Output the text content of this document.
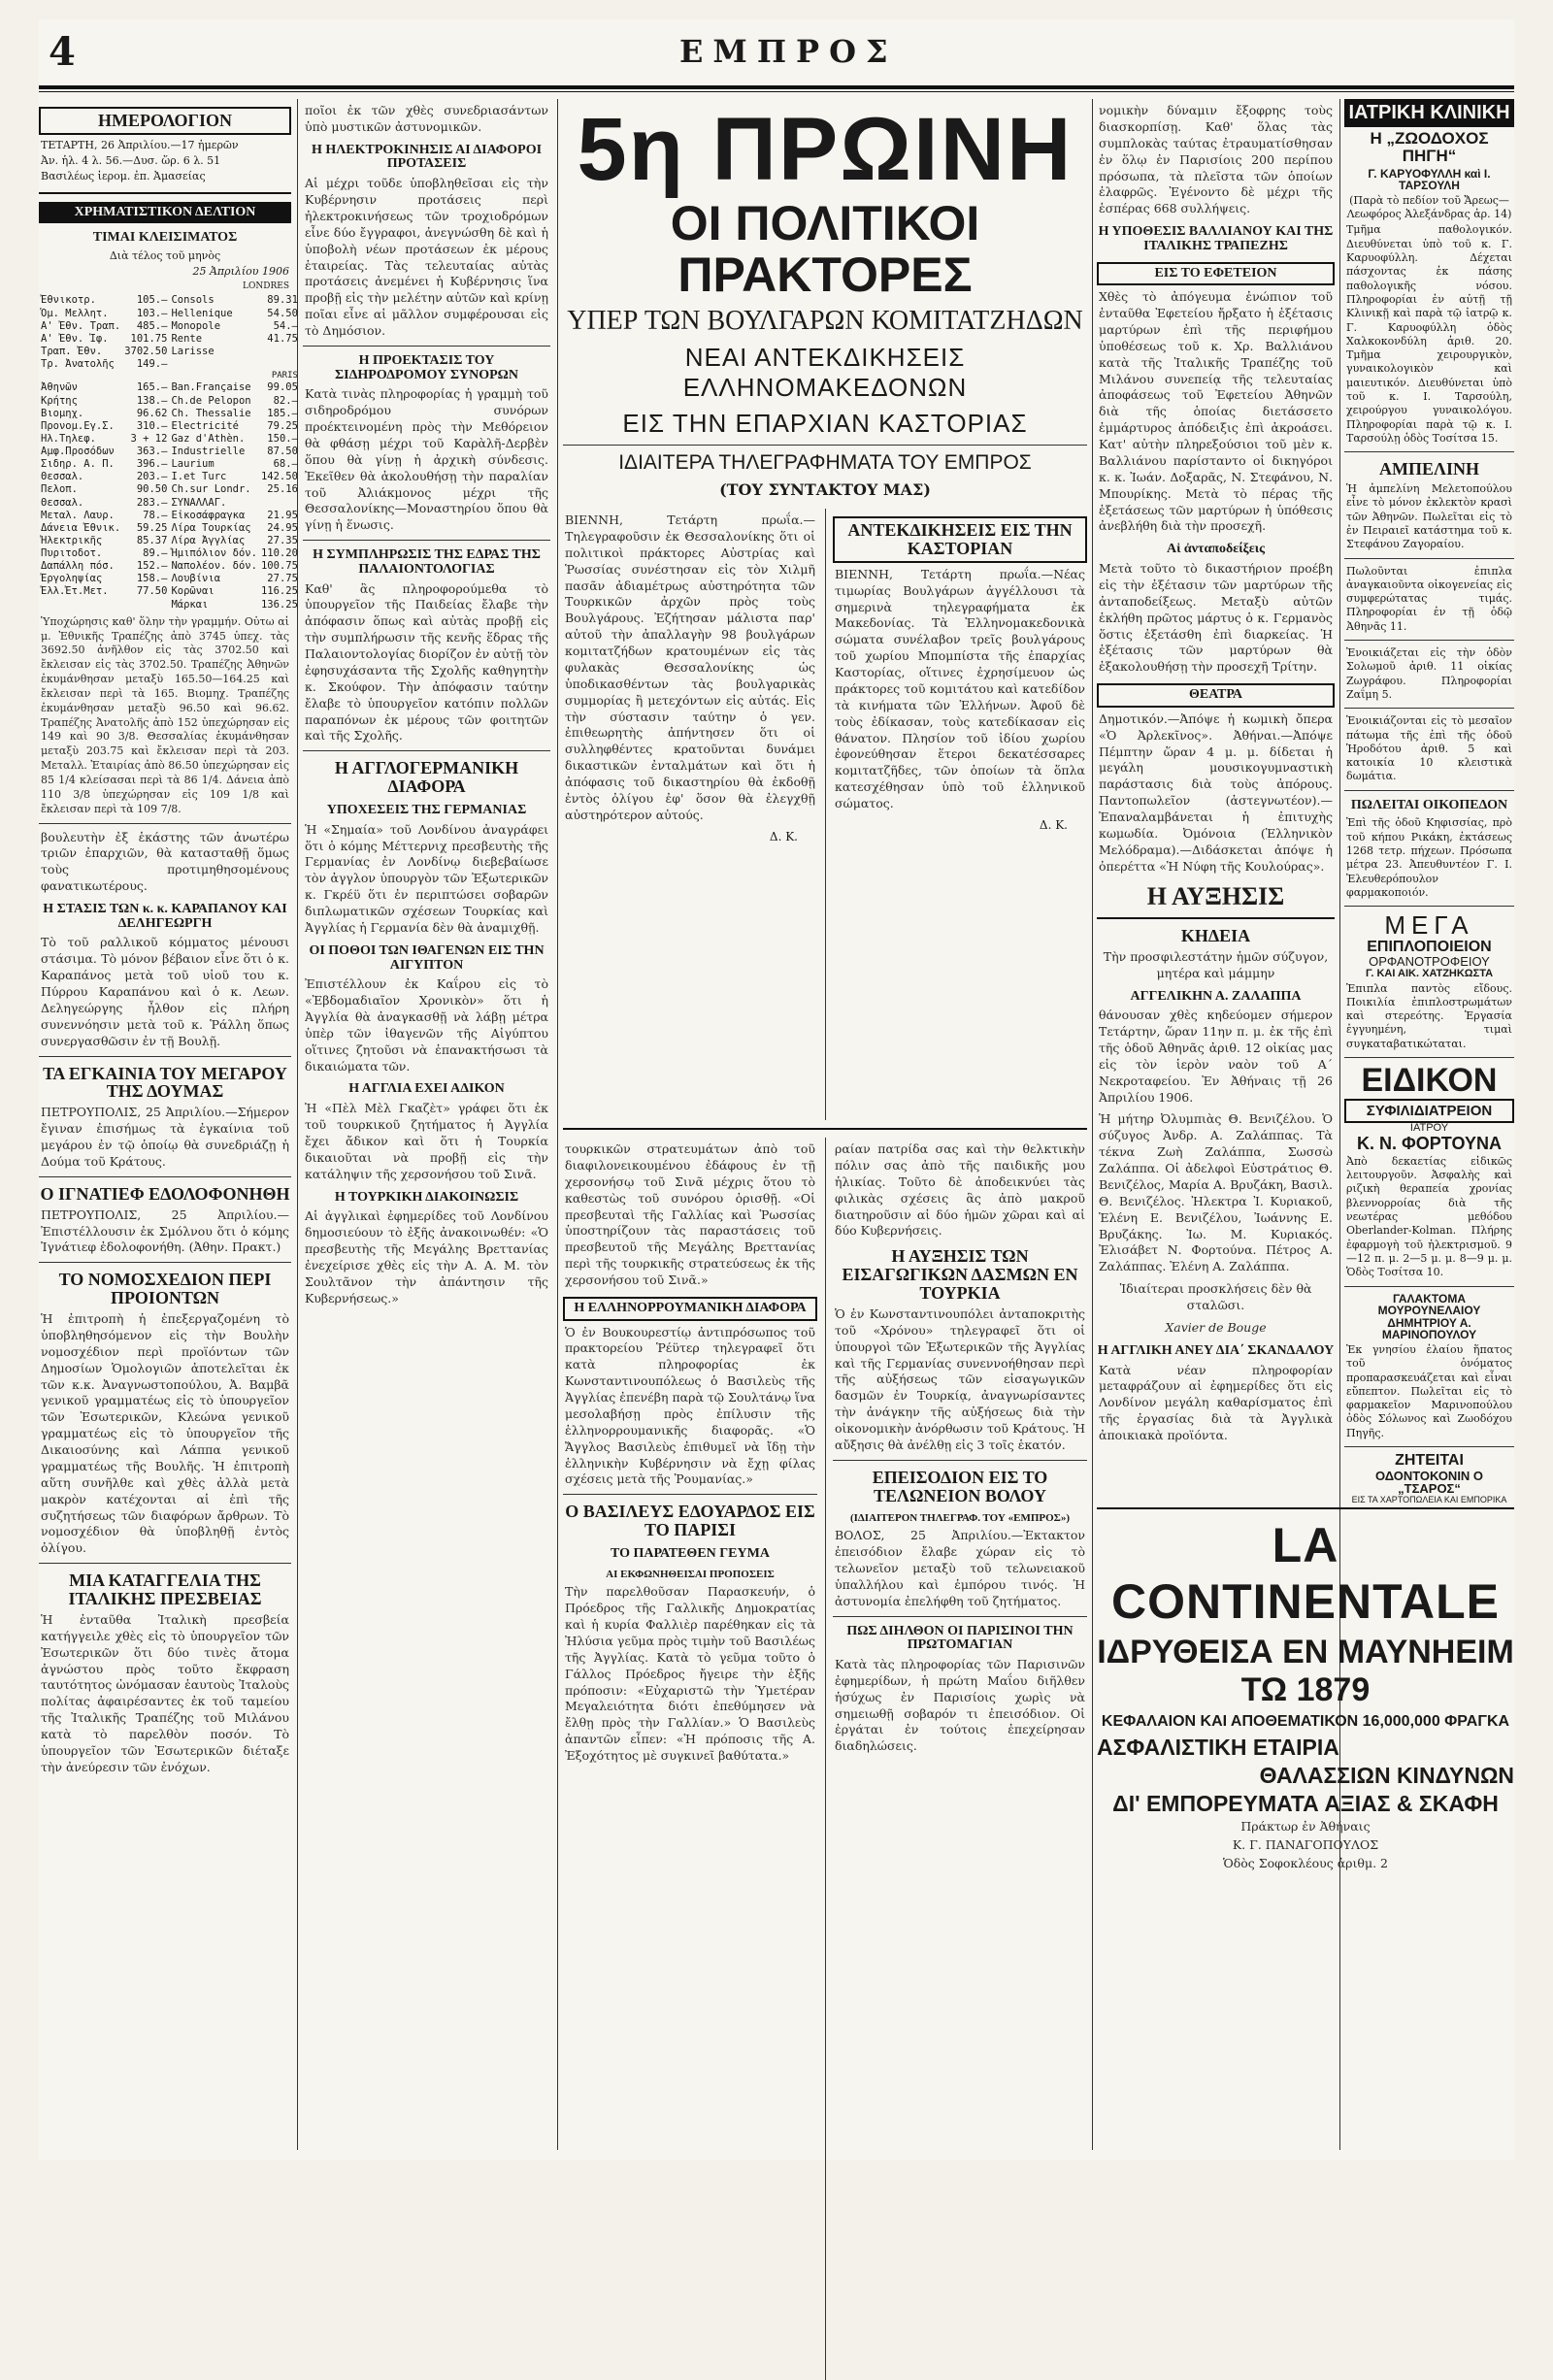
4	ΕΜΠΡΟΣ
ΗΜΕΡΟΛΟΓΙΟΝ
ΤΕΤΑΡΤΗ, 26 Ἀπριλίου.—17 ἡμερῶν
Ἀν. ἡλ. 4 λ. 56.—Δυσ. ὥρ. 6 λ. 51
Βασιλέως ἱερομ. ἐπ. Ἀμασείας
ΧΡΗΜΑΤΙΣΤΙΚΟΝ ΔΕΛΤΙΟΝ
ΤΙΜΑΙ ΚΛΕΙΣΙΜΑΤΟΣ
Διὰ τέλος τοῦ μηνὸς
25 Ἀπριλίου 1906
LONDRES
Ἐθνικοτρ.	105.—	Consols	89.31
Ὁμ. Μελλητ.	103.—	Hellenique	54.50
Α' Ἐθν. Τραπ.	485.—	Monopole	54.—
Α' Ἐθν. Ἰφ.	101.75	Rente	41.75
Τραπ. Ἐθν.	3702.50	Larisse	
Τρ. Ἀνατολῆς	149.—		
PARIS			
Ἀθηνῶν	165.—	Ban.Française	99.05
Κρήτης	138.—	Ch.de Pelopon	82.—
Βιομηχ.	96.62	Ch. Thessalie	185.—
Προνομ.Εγ.Σ.	310.—	Electricité	79.25
Ηλ.Τηλεφ.	3 + 12	Gaz d'Athèn.	150.—
Αμφ.Προσόδων	363.—	Industrielle	87.50
Σιδηρ. Α. Π.	396.—	Laurium	68.—
Θεσσαλ.	203.—	I.et Turc	142.50
Πελοπ.	90.50	Ch.sur Londr.	25.16
Θεσσαλ.	283.—	ΣΥΝΑΛΛΑΓ.	
Μεταλ. Λαυρ.	78.—	Εἰκοσάφραγκα	21.95
Δάνεια Ἐθνικ.	59.25	Λίρα Τουρκίας	24.95
Ἠλεκτρικῆς	85.37	Λίρα Ἀγγλίας	27.35
Πυριτοδοτ.	89.—	Ἡμιπόλιον δόν.	110.20
Δαπάλλη πόσ.	152.—	Ναπολέον. δόν.	100.75
Ἐργοληψίας	158.—	Λουβίνια	27.75
Ἐλλ.Ἐτ.Μετ.	77.50	Κορῶναι	116.25
		Μάρκαι	136.25
Ὑποχώρησις καθ' ὅλην τὴν γραμμήν. Οὐτω αἱ μ. Ἐθνικῆς Τραπέζης ἀπὸ 3745 ὑπεχ. τὰς 3692.50 ἀνῆλθον εἰς τὰς 3702.50 καὶ ἔκλεισαν εἰς τὰς 3702.50. Τραπέζης Ἀθηνῶν ἐκυμάνθησαν μεταξὺ 165.50—164.25 καὶ ἔκλεισαν περὶ τὰ 165. Βιομηχ. Τραπέζης ἐκυμάνθησαν μεταξὺ 96.50 καὶ 96.62. Τραπέζης Ἀνατολῆς ἀπὸ 152 ὑπεχώρησαν εἰς 149 καὶ 90 3/8. Θεσσαλίας ἐκυμάνθησαν μεταξὺ 203.75 καὶ ἔκλεισαν περὶ τὰ 203. Μεταλλ. Ἑταιρίας ἀπὸ 86.50 ὑπεχώρησαν εἰς 85 1/4 κλείσασαι περὶ τὰ 86 1/4. Δάνεια ἀπὸ 110 3/8 ὑπεχώρησαν εἰς 109 1/8 καὶ ἔκλεισαν περὶ τὰ 109 7/8.
βουλευτὴν ἐξ ἑκάστης τῶν ἀνωτέρω τριῶν ἐπαρχιῶν, θὰ κατασταθῇ ὅμως τοὺς προτιμηθησομένους φανατικωτέρους.
Η ΣΤΑΣΙΣ ΤΩΝ κ. κ. ΚΑΡΑΠΑΝΟΥ ΚΑΙ ΔΕΛΗΓΕΩΡΓΗ
Τὸ τοῦ ραλλικοῦ κόμματος μένουσι στάσιμα. Τὸ μόνον βέβαιον εἶνε ὅτι ὁ κ. Καραπάνος μετὰ τοῦ υἱοῦ του κ. Πύρρου Καραπάνου καὶ ὁ κ. Λεων. Δεληγεώργης ἦλθον εἰς πλήρη συνεννόησιν μετὰ τοῦ κ. Ῥάλλη ὅπως συνεργασθῶσιν ἐν τῇ Βουλῇ.
ΤΑ ΕΓΚΑΙΝΙΑ ΤΟΥ ΜΕΓΑΡΟΥ ΤΗΣ ΔΟΥΜΑΣ
ΠΕΤΡΟΥΠΟΛΙΣ, 25 Ἀπριλίου.—Σήμερον ἔγιναν ἐπισήμως τὰ ἐγκαίνια τοῦ μεγάρου ἐν τῷ ὁποίῳ θὰ συνεδριάζῃ ἡ Δούμα τοῦ Κράτους.
Ο ΙΓΝΑΤΙΕΦ ΕΔΟΛΟΦΟΝΗΘΗ
ΠΕΤΡΟΥΠΟΛΙΣ, 25 Ἀπριλίου.—Ἐπιστέλλουσιν ἐκ Σμόλνου ὅτι ὁ κόμης Ἰγνάτιεφ ἐδολοφονήθη. (Ἀθην. Πρακτ.)
ΤΟ ΝΟΜΟΣΧΕΔΙΟΝ ΠΕΡΙ ΠΡΟΙΟΝΤΩΝ
Ἡ ἐπιτροπὴ ἡ ἐπεξεργαζομένη τὸ ὑποβληθησόμενον εἰς τὴν Βουλὴν νομοσχέδιον περὶ προϊόντων τῶν Δημοσίων Ὁμολογιῶν ἀποτελεῖται ἐκ τῶν κ.κ. Ἀναγνωστοπούλου, Ἀ. Βαμβᾶ γενικοῦ γραμματέως εἰς τὸ ὑπουργεῖον τῶν Ἐσωτερικῶν, Κλεώνα γενικοῦ γραμματέως εἰς τὸ ὑπουργεῖον τῆς Δικαιοσύνης καὶ Λάππα γενικοῦ γραμματέως τῆς Βουλῆς. Ἡ ἐπιτροπὴ αὕτη συνῆλθε καὶ χθὲς ἀλλὰ μετὰ μακρὸν κατέχονται αἱ ἐπὶ τῆς συζητήσεως τῶν διαφόρων ἄρθρων. Τὸ νομοσχέδιον θὰ ὑποβληθῇ ἐντὸς ὀλίγου.
ΜΙΑ ΚΑΤΑΓΓΕΛΙΑ ΤΗΣ ΙΤΑΛΙΚΗΣ ΠΡΕΣΒΕΙΑΣ
Ἡ ἐνταῦθα Ἰταλικὴ πρεσβεία κατήγγειλε χθὲς εἰς τὸ ὑπουργεῖον τῶν Ἐσωτερικῶν ὅτι δύο τινὲς ἄτομα ἀγνώστου πρὸς τοῦτο ἔκφραση ταυτότητος ὠνόμασαν ἑαυτοὺς Ἰταλοὺς πολίτας ἀφαιρέσαντες ἐκ τοῦ ταμείου τῆς Ἰταλικῆς Τραπέζης τοῦ Μιλάνου κατὰ τὸ παρελθὸν ποσόν. Τὸ ὑπουργεῖον τῶν Ἐσωτερικῶν διέταξε τὴν ἀνεύρεσιν τῶν ἐνόχων.
ποῖοι ἐκ τῶν χθὲς συνεδριασάντων ὑπὸ μυστικῶν ἀστυνομικῶν.
Η ΗΛΕΚΤΡΟΚΙΝΗΣΙΣ ΑΙ ΔΙΑΦΟΡΟΙ ΠΡΟΤΑΣΕΙΣ
Αἱ μέχρι τοῦδε ὑποβληθεῖσαι εἰς τὴν Κυβέρνησιν προτάσεις περὶ ἠλεκτροκινήσεως τῶν τροχιοδρόμων εἶνε δύο ἔγγραφοι, ἀνεγνώσθη δὲ καὶ ἡ ὑποβολὴ νέων προτάσεων ἐκ μέρους ἑταιρείας. Τὰς τελευταίας αὐτὰς προτάσεις ἀνεμένει ἡ Κυβέρνησις ἵνα προβῇ εἰς τὴν μελέτην αὐτῶν καὶ κρίνῃ ποῖαι εἶνε αἱ μᾶλλον συμφέρουσαι εἰς τὸ Δημόσιον.
Η ΠΡΟΕΚΤΑΣΙΣ ΤΟΥ ΣΙΔΗΡΟΔΡΟΜΟΥ ΣΥΝΟΡΩΝ
Κατὰ τινὰς πληροφορίας ἡ γραμμὴ τοῦ σιδηροδρόμου συνόρων προέκτεινομένη πρὸς τὴν Μεθόρειον θὰ φθάσῃ μέχρι τοῦ Καρὰλῆ-Δερβὲν ὅπου θὰ γίνῃ ἡ ἀρχικὴ σύνδεσις. Ἐκεῖθεν θὰ ἀκολουθήσῃ τὴν παραλίαν τοῦ Ἀλιάκμονος μέχρι τῆς Θεσσαλονίκης—Μοναστηρίου ὅπου θὰ γίνῃ ἡ ἕνωσις.
Η ΣΥΜΠΛΗΡΩΣΙΣ ΤΗΣ ΕΔΡΑΣ ΤΗΣ ΠΑΛΑΙΟΝΤΟΛΟΓΙΑΣ
Καθ' ἃς πληροφορούμεθα τὸ ὑπουργεῖον τῆς Παιδείας ἔλαβε τὴν ἀπόφασιν ὅπως καὶ αὐτὰς προβῇ εἰς τὴν συμπλήρωσιν τῆς κενῆς ἕδρας τῆς Παλαιοντολογίας διορίζον ἐν αὐτῇ τὸν ἐφησυχάσαντα τῆς Σχολῆς καθηγητὴν κ. Σκούφον. Τὴν ἀπόφασιν ταύτην ἔλαβε τὸ ὑπουργεῖον κατόπιν πολλῶν παραπόνων ἐκ μέρους τῶν φοιτητῶν καὶ τῆς Σχολῆς.
Η ΑΓΓΛΟΓΕΡΜΑΝΙΚΗ ΔΙΑΦΟΡΑ
ΥΠΟΧΕΣΕΙΣ ΤΗΣ ΓΕΡΜΑΝΙΑΣ
Ἡ «Σημαία» τοῦ Λονδίνου ἀναγράφει ὅτι ὁ κόμης Μέττερνιχ πρεσβευτὴς τῆς Γερμανίας ἐν Λονδίνῳ διεβεβαίωσε τὸν ἀγγλον ὑπουργὸν τῶν Ἐξωτερικῶν κ. Γκρέϋ ὅτι ἐν περιπτώσει σοβαρῶν διπλωματικῶν σχέσεων Τουρκίας καὶ Ἀγγλίας ἡ Γερμανία δὲν θὰ ἀναμιχθῇ.
ΟΙ ΠΟΘΟΙ ΤΩΝ ΙΘΑΓΕΝΩΝ ΕΙΣ ΤΗΝ ΑΙΓΥΠΤΟΝ
Ἐπιστέλλουν ἐκ Καΐρου εἰς τὸ «Ἐβδομαδιαῖον Χρονικὸν» ὅτι ἡ Ἀγγλία θὰ ἀναγκασθῇ νὰ λάβῃ μέτρα ὑπὲρ τῶν ἰθαγενῶν τῆς Αἰγύπτου οἵτινες ζητοῦσι νὰ ἐπανακτήσωσι τὰ δικαιώματα τῶν.
Η ΑΓΓΛΙΑ ΕΧΕΙ ΑΔΙΚΟΝ
Ἡ «Πὲλ Μὲλ Γκαζὲτ» γράφει ὅτι ἐκ τοῦ τουρκικοῦ ζητήματος ἡ Ἀγγλία ἔχει ἄδικον καὶ ὅτι ἡ Τουρκία δικαιοῦται νὰ προβῇ εἰς τὴν κατάληψιν τῆς χερσονήσου τοῦ Σινᾶ.
Η ΤΟΥΡΚΙΚΗ ΔΙΑΚΟΙΝΩΣΙΣ
Αἱ ἀγγλικαὶ ἐφημερίδες τοῦ Λονδίνου δημοσιεύουν τὸ ἐξῆς ἀνακοινωθέν: «Ὁ πρεσβευτὴς τῆς Μεγάλης Βρεττανίας ἐνεχείρισε χθὲς εἰς τὴν Α. Α. Μ. τὸν Σουλτᾶνον τὴν ἀπάντησιν τῆς Κυβερνήσεως.»
5η ΠΡΩΙΝΗ
ΟΙ ΠΟΛΙΤΙΚΟΙ ΠΡΑΚΤΟΡΕΣ
ΥΠΕΡ ΤΩΝ ΒΟΥΛΓΑΡΩΝ ΚΟΜΙΤΑΤΖΗΔΩΝ
ΝΕΑΙ ΑΝΤΕΚΔΙΚΗΣΕΙΣ ΕΛΛΗΝΟΜΑΚΕΔΟΝΩΝ
ΕΙΣ ΤΗΝ ΕΠΑΡΧΙΑΝ ΚΑΣΤΟΡΙΑΣ
ΙΔΙΑΙΤΕΡΑ ΤΗΛΕΓΡΑΦΗΜΑΤΑ ΤΟΥ ΕΜΠΡΟΣ
(ΤΟΥ ΣΥΝΤΑΚΤΟΥ ΜΑΣ)
ΒΙΕΝΝΗ, Τετάρτη πρωΐα.—Τηλεγραφοῦσιν ἐκ Θεσσαλονίκης ὅτι οἱ πολιτικοὶ πράκτορες Αὐστρίας καὶ Ῥωσσίας συνέστησαν εἰς τὸν Χιλμῆ πασᾶν ἀδιαμέτρως αὐστηρότητα τῶν Τουρκικῶν ἀρχῶν πρὸς τοὺς Βουλγάρους. Ἐζήτησαν μάλιστα παρ' αὐτοῦ τὴν ἀπαλλαγὴν 98 βουλγάρων κομιτατζήδων κρατουμένων εἰς τὰς φυλακὰς Θεσσαλονίκης ὡς ὑποδικασθέντων τὰς βουλγαρικὰς συμμορίας ἢ μετεχόντων εἰς αὐτάς. Εἰς τὴν σύστασιν ταύτην ὁ γεν. ἐπιθεωρητὴς ἀπήντησεν ὅτι οἱ συλληφθέντες κρατοῦνται δυνάμει δικαστικῶν ἐνταλμάτων καὶ ὅτι ἡ ἀπόφασις τοῦ δικαστηρίου θὰ ἐκδοθῇ ἐντὸς ὀλίγου ἐφ' ὅσον θὰ ἐλεγχθῇ αὐστηρότερον αὐτούς.
Δ. Κ.
ΑΝΤΕΚΔΙΚΗΣΕΙΣ ΕΙΣ ΤΗΝ ΚΑΣΤΟΡΙΑΝ
ΒΙΕΝΝΗ, Τετάρτη πρωΐα.—Νέας τιμωρίας Βουλγάρων ἀγγέλλουσι τὰ σημερινὰ τηλεγραφήματα ἐκ Μακεδονίας. Τὰ Ἑλληνομακεδονικὰ σώματα συνέλαβον τρεῖς βουλγάρους τοῦ χωρίου Μπομπίστα τῆς ἐπαρχίας Καστορίας, οἵτινες ἐχρησίμευον ὡς πράκτορες τοῦ κομιτάτου καὶ κατεδίδον τὰ κινήματα τῶν Ἑλλήνων. Ἀφοῦ δὲ τοὺς ἐδίκασαν, τοὺς κατεδίκασαν εἰς θάνατον. Πλησίον τοῦ ἰδίου χωρίου ἐφονεύθησαν ἕτεροι δεκατέσσαρες κομιτατζῆδες, τῶν ὁποίων τὰ ὅπλα κατεσχέθησαν ὑπὸ τοῦ ἑλληνικοῦ σώματος.
Δ. Κ.
τουρκικῶν στρατευμάτων ἀπὸ τοῦ διαφιλονεικουμένου ἐδάφους ἐν τῇ χερσονήσῳ τοῦ Σινᾶ μέχρις ὅτου τὸ καθεστὼς τοῦ συνόρου ὁρισθῇ. «Οἱ πρεσβευταὶ τῆς Γαλλίας καὶ Ῥωσσίας ὑποστηρίζουν τὰς παραστάσεις τοῦ πρεσβευτοῦ τῆς Μεγάλης Βρεττανίας περὶ τῆς τουρκικῆς στρατεύσεως ἐκ τῆς χερσονήσου τοῦ Σινᾶ.»
Η ΕΛΛΗΝΟΡΡΟΥΜΑΝΙΚΗ ΔΙΑΦΟΡΑ
Ὁ ἐν Βουκουρεστίῳ ἀντιπρόσωπος τοῦ πρακτορείου Ῥέϋτερ τηλεγραφεῖ ὅτι κατὰ πληροφορίας ἐκ Κωνσταντινουπόλεως ὁ Βασιλεὺς τῆς Ἀγγλίας ἐπενέβη παρὰ τῷ Σουλτάνῳ ἵνα μεσολαβήσῃ πρὸς ἐπίλυσιν τῆς ἑλληνορρουμανικῆς διαφορᾶς. «Ὁ Ἄγγλος Βασιλεὺς ἐπιθυμεῖ νὰ ἴδῃ τὴν ἑλληνικὴν Κυβέρνησιν νὰ ἔχῃ φίλας σχέσεις μετὰ τῆς Ῥουμανίας.»
Ο ΒΑΣΙΛΕΥΣ ΕΔΟΥΑΡΔΟΣ ΕΙΣ ΤΟ ΠΑΡΙΣΙ
ΤΟ ΠΑΡΑΤΕΘΕΝ ΓΕΥΜΑ
ΑΙ ΕΚΦΩΝΗΘΕΙΣΑΙ ΠΡΟΠΟΣΕΙΣ
Τὴν παρελθοῦσαν Παρασκευήν, ὁ Πρόεδρος τῆς Γαλλικῆς Δημοκρατίας καὶ ἡ κυρία Φαλλιὲρ παρέθηκαν εἰς τὰ Ἠλύσια γεῦμα πρὸς τιμὴν τοῦ Βασιλέως τῆς Ἀγγλίας. Κατὰ τὸ γεῦμα τοῦτο ὁ Γάλλος Πρόεδρος ἤγειρε τὴν ἑξῆς πρόποσιν: «Εὐχαριστῶ τὴν Ὑμετέραν Μεγαλειότητα διότι ἐπεθύμησεν νὰ ἔλθῃ πρὸς τὴν Γαλλίαν.» Ὁ Βασιλεὺς ἀπαντῶν εἶπεν: «Ἡ πρόποσις τῆς Α. Ἐξοχότητος μὲ συγκινεῖ βαθύτατα.»
ραίαν πατρίδα σας καὶ τὴν θελκτικὴν πόλιν σας ἀπὸ τῆς παιδικῆς μου ἡλικίας. Τοῦτο δὲ ἀποδεικνύει τὰς φιλικὰς σχέσεις ἃς ἀπὸ μακροῦ διατηροῦσιν αἱ δύο ἡμῶν χῶραι καὶ αἱ δύο Κυβερνήσεις.
Η ΑΥΞΗΣΙΣ ΤΩΝ ΕΙΣΑΓΩΓΙΚΩΝ ΔΑΣΜΩΝ ΕΝ ΤΟΥΡΚΙΑ
Ὁ ἐν Κωνσταντινουπόλει ἀνταποκριτὴς τοῦ «Χρόνου» τηλεγραφεῖ ὅτι οἱ ὑπουργοὶ τῶν Ἐξωτερικῶν τῆς Ἀγγλίας καὶ τῆς Γερμανίας συνεννοήθησαν περὶ τῆς αὐξήσεως τῶν εἰσαγωγικῶν δασμῶν ἐν Τουρκίᾳ, ἀναγνωρίσαντες τὴν ἀνάγκην τῆς αὐξήσεως διὰ τὴν οἰκονομικὴν ἀνόρθωσιν τοῦ Κράτους. Ἡ αὔξησις θὰ ἀνέλθῃ εἰς 3 τοῖς ἑκατόν.
ΕΠΕΙΣΟΔΙΟΝ ΕΙΣ ΤΟ ΤΕΛΩΝΕΙΟΝ ΒΟΛΟΥ
(ΙΔΙΑΙΤΕΡΟΝ ΤΗΛΕΓΡΑΦ. ΤΟΥ «ΕΜΠΡΟΣ»)
ΒΟΛΟΣ, 25 Ἀπριλίου.—Ἐκτακτον ἐπεισόδιον ἔλαβε χώραν εἰς τὸ τελωνεῖον μεταξὺ τοῦ τελωνειακοῦ ὑπαλλήλου καὶ ἐμπόρου τινός. Ἡ ἀστυνομία ἐπελήφθη τοῦ ζητήματος.
ΠΩΣ ΔΙΗΛΘΟΝ ΟΙ ΠΑΡΙΣΙΝΟΙ ΤΗΝ ΠΡΩΤΟΜΑΓΙΑΝ
Κατὰ τὰς πληροφορίας τῶν Παρισινῶν ἐφημερίδων, ἡ πρώτη Μαΐου διῆλθεν ἡσύχως ἐν Παρισίοις χωρὶς νὰ σημειωθῇ σοβαρόν τι ἐπεισόδιον. Οἱ ἐργάται ἐν τούτοις ἐπεχείρησαν διαδηλώσεις.
νομικὴν δύναμιν ἔξοφρης τοὺς διασκορπίσῃ. Καθ' ὅλας τὰς συμπλοκὰς ταύτας ἐτραυματίσθησαν ἐν ὅλῳ ἐν Παρισίοις 200 περίπου πρόσωπα, τὰ πλεῖστα τῶν ὁποίων ἐλαφρῶς. Ἐγένοντο δὲ μέχρι τῆς ἑσπέρας 668 συλλήψεις.
Η ΥΠΟΘΕΣΙΣ ΒΑΛΛΙΑΝΟΥ ΚΑΙ ΤΗΣ ΙΤΑΛΙΚΗΣ ΤΡΑΠΕΖΗΣ
ΕΙΣ ΤΟ ΕΦΕΤΕΙΟΝ
Χθὲς τὸ ἀπόγευμα ἐνώπιον τοῦ ἐνταῦθα Ἐφετείου ἤρξατο ἡ ἐξέτασις μαρτύρων ἐπὶ τῆς περιφήμου ὑποθέσεως τοῦ κ. Χρ. Βαλλιάνου κατὰ τῆς Ἰταλικῆς Τραπέζης τοῦ Μιλάνου συνεπείᾳ τῆς τελευταίας ἀποφάσεως τοῦ Ἐφετείου Ἀθηνῶν διὰ τῆς ὁποίας διετάσσετο ἐμμάρτυρος ἀπόδειξις ἐπὶ ἀκροάσει. Κατ' αὐτὴν πληρεξούσιοι τοῦ μὲν κ. Βαλλιάνου παρίσταντο οἱ δικηγόροι κ. κ. Ἰωάν. Δοξαρᾶς, Ν. Στεφάνου, Ν. Μπουρίκης. Μετὰ τὸ πέρας τῆς ἐξετάσεως τῶν μαρτύρων ἡ ὑπόθεσις ἀνεβλήθη διὰ τὴν προσεχῆ.
Αἱ ἀνταποδείξεις
Μετὰ τοῦτο τὸ δικαστήριον προέβη εἰς τὴν ἐξέτασιν τῶν μαρτύρων τῆς ἀνταποδείξεως. Μεταξὺ αὐτῶν ἐκλήθη πρῶτος μάρτυς ὁ κ. Γερμανὸς ὅστις ἐξετάσθη ἐπὶ διαρκείας. Ἡ ἐξέτασις τῶν μαρτύρων θὰ ἐξακολουθήσῃ τὴν προσεχῆ Τρίτην.
ΘΕΑΤΡΑ
Δημοτικόν.—Ἀπόψε ἡ κωμικὴ ὄπερα «Ὁ Ἀρλεκῖνος». Ἀθήναι.—Ἀπόψε Πέμπτην ὥραν 4 μ. μ. δίδεται ἡ μεγάλη μουσικογυμναστικὴ παράστασις διὰ τοὺς ἀπόρους. Παντοπωλεῖον (ἀστεγνωτέον).—Ἐπαναλαμβάνεται ἡ ἐπιτυχὴς κωμωδία. Ὀμόνοια (Ἑλληνικὸν Μελόδραμα).—Διδάσκεται ἀπόψε ἡ ὀπερέττα «Ἡ Νύφη τῆς Κουλούρας».
Η ΑΥΞΗΣΙΣ
ΚΗΔΕΙΑ
Τὴν προσφιλεστάτην ἡμῶν σύζυγον, μητέρα καὶ μάμμην
ΑΓΓΕΛΙΚΗΝ Α. ΖΑΛΑΠΠΑ
θάνουσαν χθὲς κηδεύομεν σήμερον Τετάρτην, ὥραν 11ην π. μ. ἐκ τῆς ἐπὶ τῆς ὁδοῦ Ἀθηνᾶς ἀριθ. 12 οἰκίας μας εἰς τὸν ἱερὸν ναὸν τοῦ Α΄ Νεκροταφείου. Ἐν Ἀθήναις τῇ 26 Ἀπριλίου 1906.
Ἡ μήτηρ Ὀλυμπιὰς Θ. Βενιζέλου. Ὁ σύζυγος Ἀνδρ. Α. Ζαλάππας. Τὰ τέκνα Ζωὴ Ζαλάππα, Σωσσὼ Ζαλάππα. Οἱ ἀδελφοὶ Εὐστράτιος Θ. Βενιζέλος, Μαρία Α. Βρυζάκη, Βασιλ. Θ. Βενιζέλος. Ἠλεκτρα Ἰ. Κυριακοῦ, Ἑλένη Ε. Βενιζέλου, Ἰωάννης Ε. Βρυζάκης. Ἰω. Μ. Κυριακός. Ἐλισάβετ Ν. Φορτούνα. Πέτρος Α. Ζαλάππας. Ἑλένη Α. Ζαλάππα.
Ἰδιαίτεραι προσκλήσεις δὲν θὰ σταλῶσι.
Xavier de Bouge
Η ΑΓΓΛΙΚΗ ΑΝΕΥ ΔΙΑ΄ ΣΚΑΝΔΑΛΟΥ
Κατὰ νέαν πληροφορίαν μεταφράζουν αἱ ἐφημερίδες ὅτι εἰς Λονδίνον μεγάλη καθαρίσματος ἐπὶ τῆς ἐργασίας διὰ τὰ Ἀγγλικὰ ἀποικιακὰ προϊόντα.
ΙΑΤΡΙΚΗ ΚΛΙΝΙΚΗ
Η „ΖΩΟΔΟΧΟΣ ΠΗΓΗ“
Γ. ΚΑΡΥΟΦΥΛΛΗ καὶ Ι. ΤΑΡΣΟΥΛΗ
(Παρὰ τὸ πεδίον τοῦ Ἄρεως—Λεωφόρος Ἀλεξάνδρας ἀρ. 14)
Τμῆμα παθολογικόν. Διευθύνεται ὑπὸ τοῦ κ. Γ. Καρυοφύλλη. Δέχεται πάσχοντας ἐκ πάσης παθολογικῆς νόσου. Πληροφορίαι ἐν αὐτῇ τῇ Κλινικῇ καὶ παρὰ τῷ ἰατρῷ κ. Γ. Καρυοφύλλη ὁδὸς Χαλκοκονδύλη ἀριθ. 20. Τμῆμα χειρουργικὸν, γυναικολογικὸν καὶ μαιευτικόν. Διευθύνεται ὑπὸ τοῦ κ. Ι. Ταρσούλη, χειρούργου γυναικολόγου. Πληροφορίαι παρὰ τῷ κ. Ι. Ταρσούλῃ ὁδὸς Τοσίτσα 15.
ΑΜΠΕΛΙΝΗ
Ἡ ἀμπελίνη Μελετοπούλου εἶνε τὸ μόνον ἐκλεκτὸν κρασὶ τῶν Ἀθηνῶν. Πωλεῖται εἰς τὸ ἐν Πειραιεῖ κατάστημα τοῦ κ. Στεφάνου Ζαγοραίου.
Πωλοῦνται ἐπιπλα ἀναγκαιοῦντα οἰκογενείας εἰς συμφερώτατας τιμάς. Πληροφορίαι ἐν τῇ ὁδῷ Ἀθηνᾶς 11.
Ἐνοικιάζεται εἰς τὴν ὁδὸν Σολωμοῦ ἀριθ. 11 οἰκίας Ζωγράφου. Πληροφορίαι Ζαΐμη 5.
Ἐνοικιάζονται εἰς τὸ μεσαῖον πάτωμα τῆς ἐπὶ τῆς ὁδοῦ Ἡροδότου ἀριθ. 5 καὶ κατοικία 10 κλειστικὰ δωμάτια.
ΠΩΛΕΙΤΑΙ ΟΙΚΟΠΕΔΟΝ
Ἐπὶ τῆς ὁδοῦ Κηφισσίας, πρὸ τοῦ κήπου Ρικάκη, ἐκτάσεως 1268 τετρ. πήχεων. Πρόσωπα μέτρα 23. Ἀπευθυντέον Γ. Ι. Ἐλευθερόπουλον φαρμακοποιόν.
ΜΕΓΑ
ΕΠΙΠΛΟΠΟΙΕΙΟΝ
ΟΡΦΑΝΟΤΡΟΦΕΙΟΥ
Γ. ΚΑΙ ΑΙΚ. ΧΑΤΖΗΚΩΣΤΑ
Ἐπιπλα παντὸς εἴδους. Ποικιλία ἐπιπλοστρωμάτων καὶ στερεότης. Ἐργασία ἐγγυημένη, τιμαὶ συγκαταβατικώταται.
ΕΙΔΙΚΟΝ
ΣΥΦΙΛΙΔΙΑΤΡΕΙΟΝ
ΙΑΤΡΟΥ
Κ. Ν. ΦΟΡΤΟΥΝΑ
Ἀπὸ δεκαετίας εἰδικῶς λειτουργοῦν. Ἀσφαλὴς καὶ ριζικὴ θεραπεία χρονίας βλεννορροίας διὰ τῆς νεωτέρας μεθόδου Oberlander-Kolman. Πλήρης ἐφαρμογὴ τοῦ ἠλεκτρισμοῦ. 9—12 π. μ. 2—5 μ. μ. 8—9 μ. μ. Ὁδὸς Τοσίτσα 10.
ΓΑΛΑΚΤΟΜΑ ΜΟΥΡΟΥΝΕΛΑΙΟΥ ΔΗΜΗΤΡΙΟΥ Α. ΜΑΡΙΝΟΠΟΥΛΟΥ
Ἐκ γνησίου ἐλαίου ἥπατος τοῦ ὀνόματος προπαρασκευάζεται καὶ εἶναι εὔπεπτον. Πωλεῖται εἰς τὸ φαρμακεῖον Μαρινοπούλου ὁδὸς Σόλωνος καὶ Ζωοδόχου Πηγῆς.
ΖΗΤΕΙΤΑΙ
ΟΔΟΝΤΟΚΟΝΙΝ Ο „ΤΣΑΡΟΣ“
ΕΙΣ ΤΑ ΧΑΡΤΟΠΩΛΕΙΑ ΚΑΙ ΕΜΠΟΡΙΚΑ
LA CONTINENTALE
ΙΔΡΥΘΕΙΣΑ ΕΝ ΜΑΥΝΗΕΙΜ ΤΩ 1879
ΚΕΦΑΛΑΙΟΝ ΚΑΙ ΑΠΟΘΕΜΑΤΙΚΟΝ 16,000,000 ΦΡΑΓΚΑ
ΑΣΦΑΛΙΣΤΙΚΗ ΕΤΑΙΡΙΑ
ΘΑΛΑΣΣΙΩΝ ΚΙΝΔΥΝΩΝ
ΔΙ' ΕΜΠΟΡΕΥΜΑΤΑ ΑΞΙΑΣ & ΣΚΑΦΗ
Πράκτωρ ἐν Ἀθήναις
Κ. Γ. ΠΑΝΑΓΟΠΟΥΛΟΣ
Ὁδὸς Σοφοκλέους ἀριθμ. 2
